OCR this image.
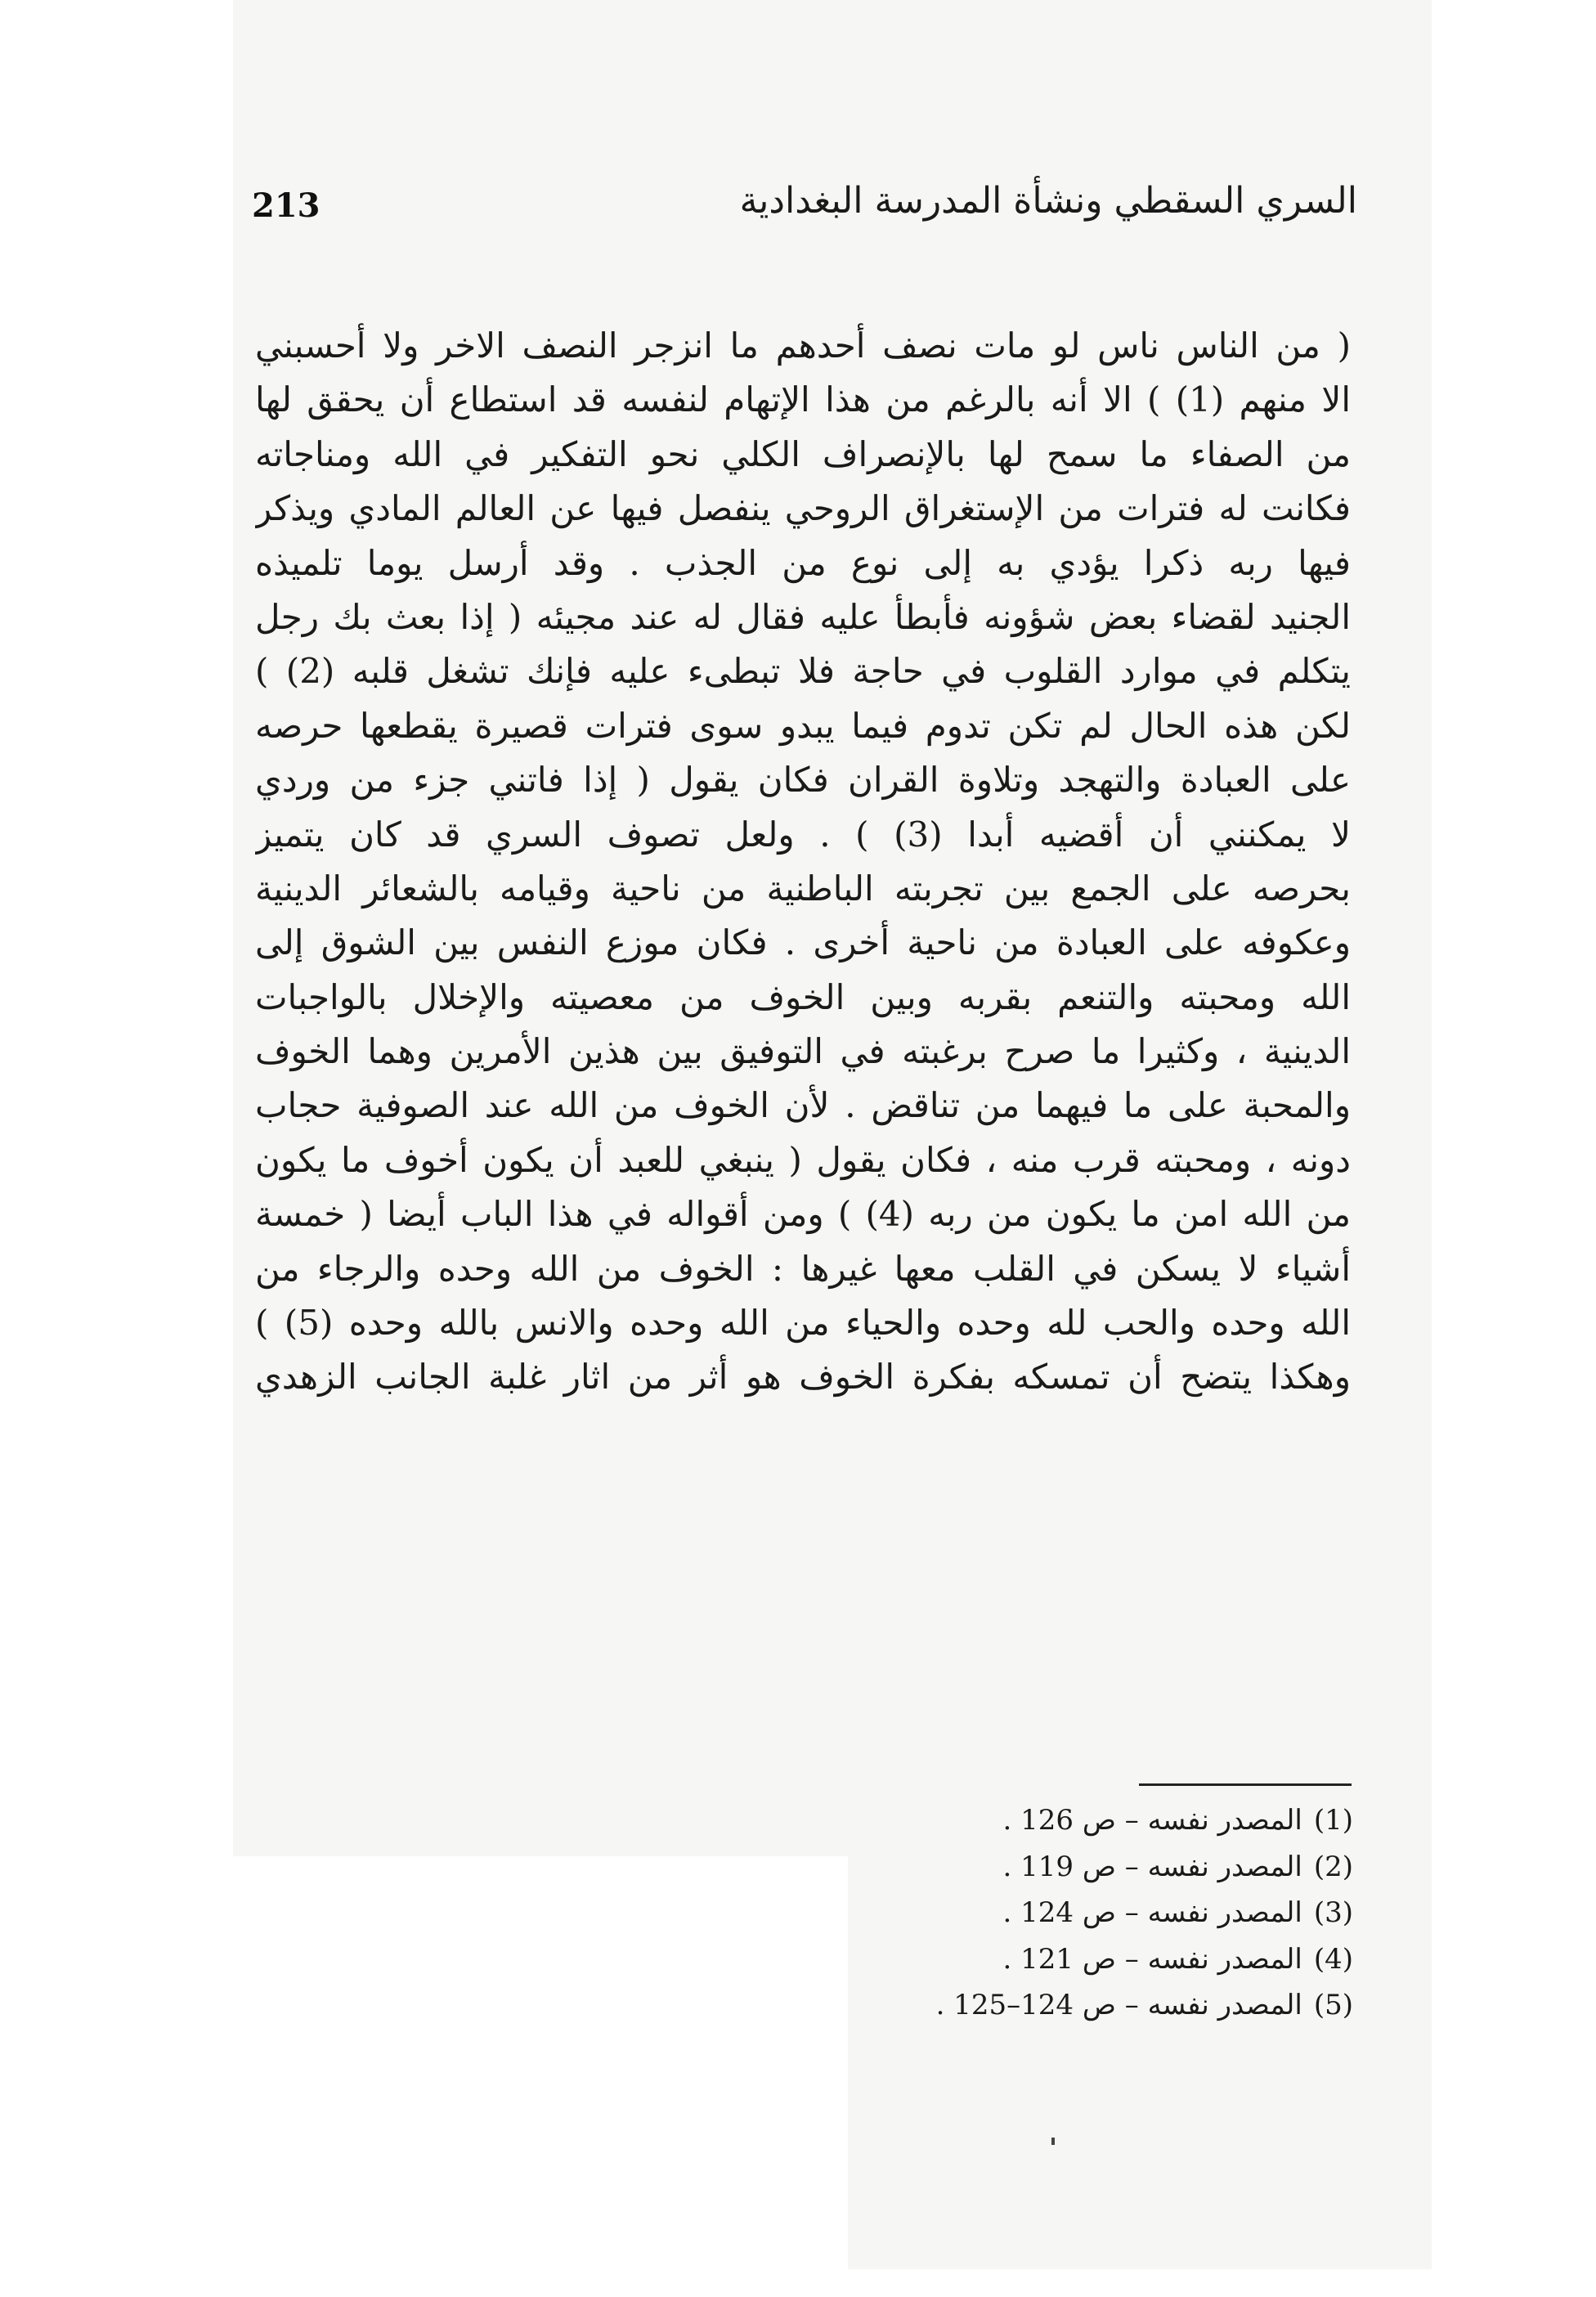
213	السري السقطي ونشأة المدرسة البغدادية
( من الناس ناس لو مات نصف أحدهم ما انزجر النصف الاخر ولا أحسبني
الا منهم (1) ) الا أنه بالرغم من هذا الإتهام لنفسه قد استطاع أن يحقق لها
من الصفاء ما سمح لها بالإنصراف الكلي نحو التفكير في الله ومناجاته
فكانت له فترات من الإستغراق الروحي ينفصل فيها عن العالم المادي ويذكر
فيها ربه ذكرا يؤدي به إلى نوع من الجذب . وقد أرسل يوما تلميذه
الجنيد لقضاء بعض شؤونه فأبطأ عليه فقال له عند مجيئه ( إذا بعث بك رجل
يتكلم في موارد القلوب في حاجة فلا تبطىء عليه فإنك تشغل قلبه (2) )
لكن هذه الحال لم تكن تدوم فيما يبدو سوى فترات قصيرة يقطعها حرصه
على العبادة والتهجد وتلاوة القران فكان يقول ( إذا فاتني جزء من وردي
لا يمكنني أن أقضيه أبدا (3) ) . ولعل تصوف السري قد كان يتميز
بحرصه على الجمع بين تجربته الباطنية من ناحية وقيامه بالشعائر الدينية
وعكوفه على العبادة من ناحية أخرى . فكان موزع النفس بين الشوق إلى
الله ومحبته والتنعم بقربه وبين الخوف من معصيته والإخلال بالواجبات
الدينية ، وكثيرا ما صرح برغبته في التوفيق بين هذين الأمرين وهما الخوف
والمحبة على ما فيهما من تناقض . لأن الخوف من الله عند الصوفية حجاب
دونه ، ومحبته قرب منه ، فكان يقول ( ينبغي للعبد أن يكون أخوف ما يكون
من الله امن ما يكون من ربه (4) ) ومن أقواله في هذا الباب أيضا ( خمسة
أشياء لا يسكن في القلب معها غيرها : الخوف من الله وحده والرجاء من
الله وحده والحب لله وحده والحياء من الله وحده والانس بالله وحده (5) )
وهكذا يتضح أن تمسكه بفكرة الخوف هو أثر من اثار غلبة الجانب الزهدي
(1)المصدر نفسه – ص 126 .
(2)المصدر نفسه – ص 119 .
(3)المصدر نفسه – ص 124 .
(4)المصدر نفسه – ص 121 .
(5)المصدر نفسه – ص 124–125 .
